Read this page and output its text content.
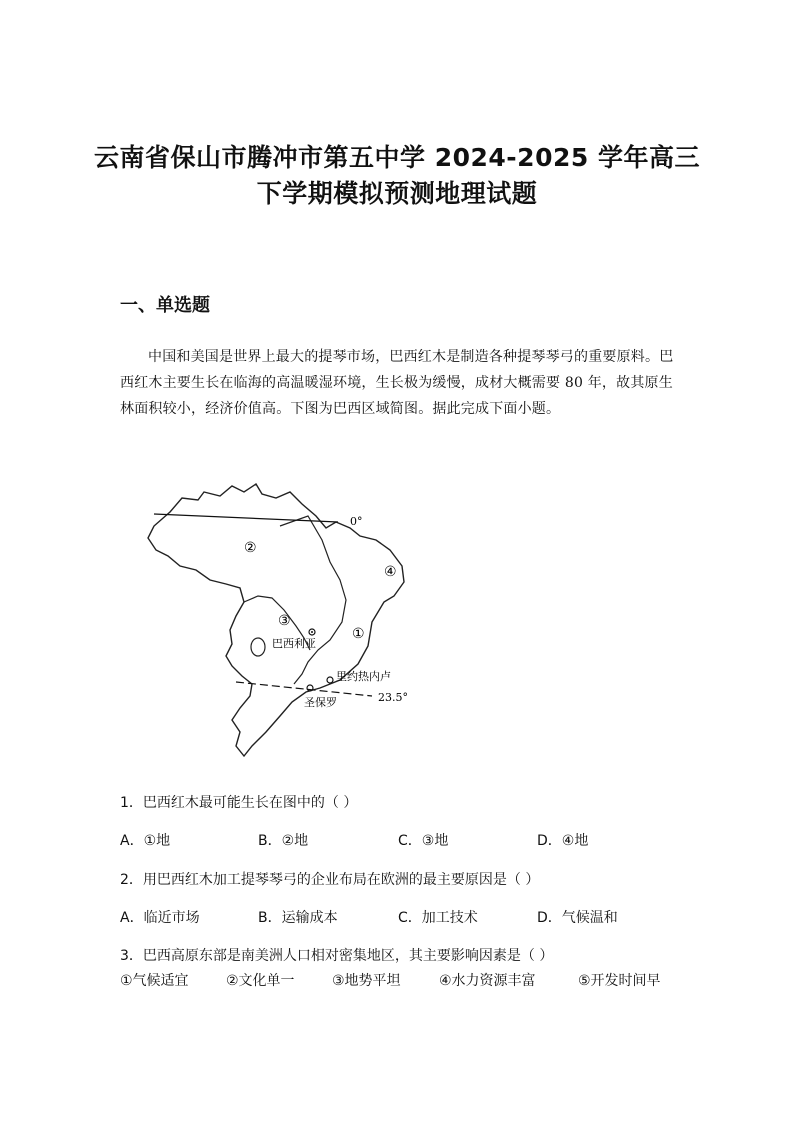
云南省保山市腾冲市第五中学 2024-2025 学年高三
下学期模拟预测地理试题
一、单选题
中国和美国是世界上最大的提琴市场，巴西红木是制造各种提琴琴弓的重要原料。巴西红木主要生长在临海的高温暖湿环境，生长极为缓慢，成材大概需要 80 年，故其原生林面积较小，经济价值高。下图为巴西区域简图。据此完成下面小题。
0°
23.5°
①
②
③
④
巴西利亚
里约热内卢
圣保罗
1．巴西红木最可能生长在图中的（ ）
A．①地	B．②地	C．③地	D．④地
2．用巴西红木加工提琴琴弓的企业布局在欧洲的最主要原因是（ ）
A．临近市场	B．运输成本	C．加工技术	D．气候温和
3．巴西高原东部是南美洲人口相对密集地区，其主要影响因素是（ ）
①气候适宜	②文化单一	③地势平坦	④水力资源丰富	⑤开发时间早
